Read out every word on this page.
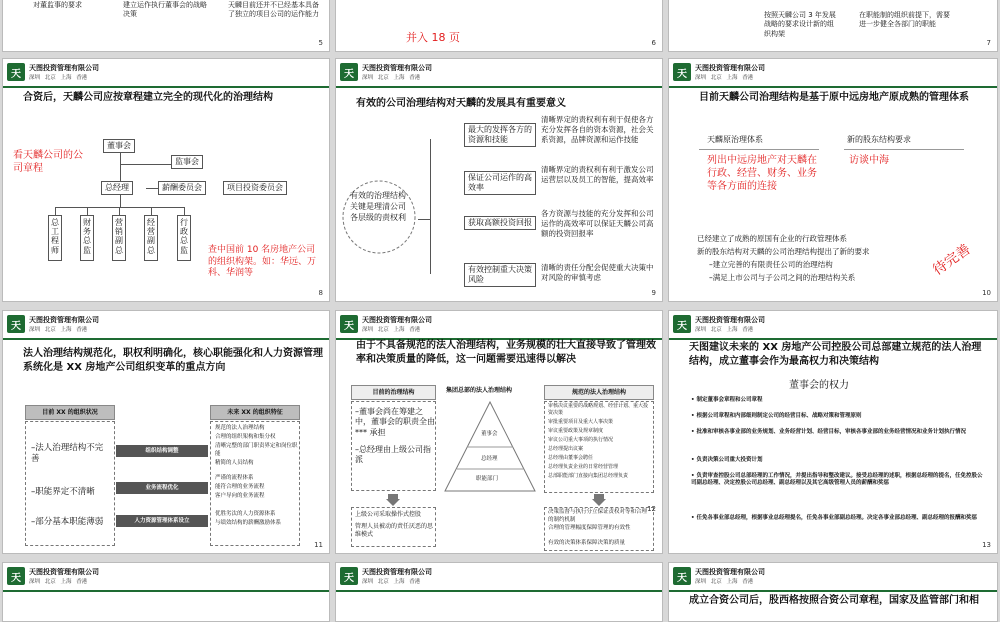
对董监事的要求	建立运作执行董事会的战略决策
天麟目前还并不已经基本具备了独立的项目公司的运作能力
5	并入 18 页	6
按照天麟公司 3 年发展战略的要求设计新的组织构架
在职能制的组织前提下，需要进一步健全各部门的职能
7
天
天图投资管理有限公司
深圳 北京 上海 香港
合资后，天麟公司应按章程建立完全的现代化的治理结构
看天麟公司的公司章程
董事会
监事会
总经理	薪酬委员会	项目投资委员会
总工程师
财务总监
营销副总
经营副总
行政总监	查中国前 10 名房地产公司的组织构架。如：华远、万科、华润等
8
天
天图投资管理有限公司
深圳 北京 上海 香港
有效的公司治理结构对天麟的发展具有重要意义
有效的治理结构关键是理清公司各层级的责权利
最大的发挥各方的资源和技能
清晰界定的责权利有利于促使各方充分发挥各自的资本资源，社会关系资源，品牌资源和运作技能
保证公司运作的高效率
清晰界定的责权利有利于激发公司运营层以及员工的智能，提高效率
获取高额投资回报
各方资源与技能的充分发挥和公司运作的高效率可以保证天麟公司高额的投资回报率
有效控制重大决策风险
清晰的责任分配会促使重大决策中对风险的审慎考虑
9
天
天图投资管理有限公司
深圳 北京 上海 香港
目前天麟公司治理结构是基于原中远房地产原成熟的管理体系
天麟原治理体系	新的股东结构要求
列出中远房地产对天麟在行政、经营、财务、业务等各方面的连接
访谈中海
已经建立了成熟的原国有企业的行政管理体系
新的股东结构对天麟的公司治理结构提出了新的要求
–建立完善的有限责任公司的治理结构
–满足上市公司与子公司之间的治理结构关系	待完善
10
天
天图投资管理有限公司
深圳 北京 上海 香港
法人治理结构规范化，职权利明确化，核心职能强化和人力资源管理系统化是 XX 房地产公司组织变革的重点方向
目前 XX 的组织状况	未来 XX 的组织特征
–法人治理结构不完善
–职能界定不清晰
–部分基本职能薄弱
组织结构调整
业务流程优化
人力资源管理体系设立
规范的法人治理结构
合理的组织架构和集分权
清晰完整的部门职责界定和岗位职能
精简的人员结构
严谨的流程体系
能符合理的业务流程
客户导向的业务流程
优胜劣汰的人力资源体系
与绩效结构的薪酬激励体系
11
天
天图投资管理有限公司
深圳 北京 上海 香港
由于不具备规范的法人治理结构，业务规模的壮大直接导致了管理效率和决策质量的降低，这一问题需要迅速得以解决
目前的治理结构	集团总部的法人治理结构	规范的法人治理结构
–董事会尚在筹建之中，董事会的职责全由 *** 承担
–总经理由上级公司指派
董事会
总经理
职能部门
审核决议重要的战略规划、经营计划、重大投资决策
审批重要项目及重大人事决策
审议重要政策及规章制度
审议公司重大事项的执行情况
总经理提出议案
总经理由董事会聘任
总经理负责企业的日常经营管理
总部职能部门直接向集团总经理负责
上级公司采取操作式控股
管理人员被动的责任厌恶的思维模式
决策监督与执行分立保证责权对等和合理的制约机制
合理的管理幅度保障管理的有效性
有效的决策体系保障决策的质量
12
天
天图投资管理有限公司
深圳 北京 上海 香港
天图建议未来的 XX 房地产公司控股公司总部建立规范的法人治理结构，成立董事会作为最高权力和决策结构
董事会的权力
• 制定董事会章程和公司章程
• 根据公司章程和内部细则制定公司的经营目标、战略对策和管理原则
• 批准和审核各事业部的业务规划、业务经营计划、经营目标，审核各事业部的业务经营情况和业务计划执行情况
• 负责决策公司重大投资计划
• 负责审查控股公司总部经理的工作情况，并提出指导和整改建议。接受总经理的述职，根据总经理的提名，任免控股公司副总经理、决定控股公司总经理、副总经理以及其它高级管理人员的薪酬和奖惩
• 任免各事业部总经理，根据事业总经理提名，任免各事业部副总经理。决定各事业部总经理、副总经理的报酬和奖惩
13
天
天图投资管理有限公司
深圳 北京 上海 香港	天
天图投资管理有限公司
深圳 北京 上海 香港	天
天图投资管理有限公司
深圳 北京 上海 香港
成立合资公司后，股西格按照合资公司章程，国家及监管部门和相
